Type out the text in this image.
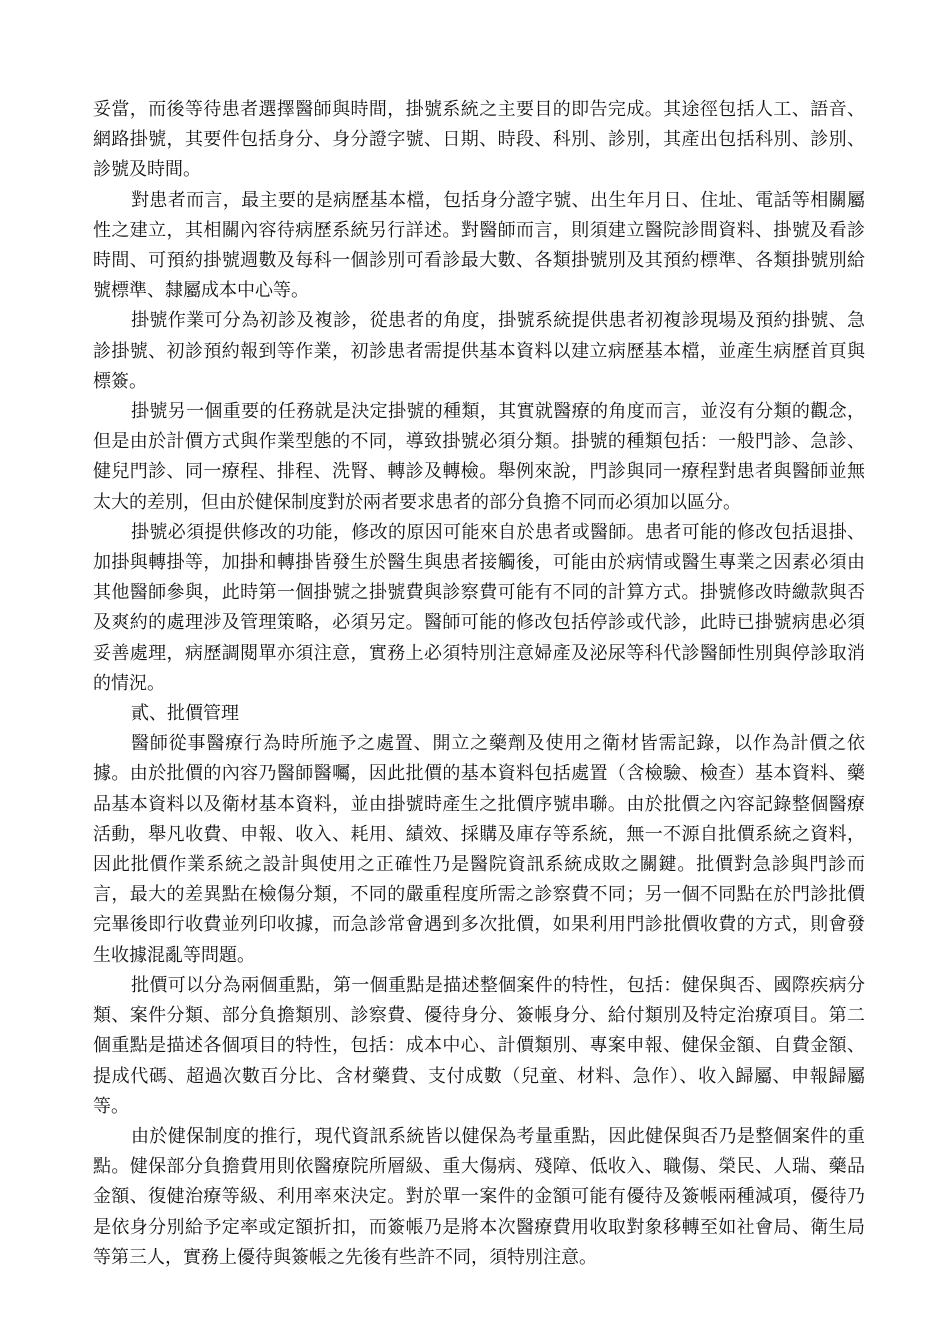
妥當，而後等待患者選擇醫師與時間，掛號系統之主要目的即告完成。其途徑包括人工、語音、網路掛號，其要件包括身分、身分證字號、日期、時段、科別、診別，其產出包括科別、診別、診號及時間。

對患者而言，最主要的是病歷基本檔，包括身分證字號、出生年月日、住址、電話等相關屬性之建立，其相關內容待病歷系統另行詳述。對醫師而言，則須建立醫院診間資料、掛號及看診時間、可預約掛號週數及每科一個診別可看診最大數、各類掛號別及其預約標準、各類掛號別給號標準、隸屬成本中心等。

掛號作業可分為初診及複診，從患者的角度，掛號系統提供患者初複診現場及預約掛號、急診掛號、初診預約報到等作業，初診患者需提供基本資料以建立病歷基本檔，並產生病歷首頁與標簽。

掛號另一個重要的任務就是決定掛號的種類，其實就醫療的角度而言，並沒有分類的觀念，但是由於計價方式與作業型態的不同，導致掛號必須分類。掛號的種類包括：一般門診、急診、健兒門診、同一療程、排程、洗腎、轉診及轉檢。舉例來說，門診與同一療程對患者與醫師並無太大的差別，但由於健保制度對於兩者要求患者的部分負擔不同而必須加以區分。

掛號必須提供修改的功能，修改的原因可能來自於患者或醫師。患者可能的修改包括退掛、加掛與轉掛等，加掛和轉掛皆發生於醫生與患者接觸後，可能由於病情或醫生專業之因素必須由其他醫師參與，此時第一個掛號之掛號費與診察費可能有不同的計算方式。掛號修改時繳款與否及爽約的處理涉及管理策略，必須另定。醫師可能的修改包括停診或代診，此時已掛號病患必須妥善處理，病歷調閱單亦須注意，實務上必須特別注意婦產及泌尿等科代診醫師性別與停診取消的情況。

貳、批價管理

醫師從事醫療行為時所施予之處置、開立之藥劑及使用之衛材皆需記錄，以作為計價之依據。由於批價的內容乃醫師醫囑，因此批價的基本資料包括處置（含檢驗、檢查）基本資料、藥品基本資料以及衛材基本資料，並由掛號時產生之批價序號串聯。由於批價之內容記錄整個醫療活動，舉凡收費、申報、收入、耗用、績效、採購及庫存等系統，無一不源自批價系統之資料，因此批價作業系統之設計與使用之正確性乃是醫院資訊系統成敗之關鍵。批價對急診與門診而言，最大的差異點在檢傷分類，不同的嚴重程度所需之診察費不同；另一個不同點在於門診批價完畢後即行收費並列印收據，而急診常會遇到多次批價，如果利用門診批價收費的方式，則會發生收據混亂等問題。

批價可以分為兩個重點，第一個重點是描述整個案件的特性，包括：健保與否、國際疾病分類、案件分類、部分負擔類別、診察費、優待身分、簽帳身分、給付類別及特定治療項目。第二個重點是描述各個項目的特性，包括：成本中心、計價類別、專案申報、健保金額、自費金額、提成代碼、超過次數百分比、含材藥費、支付成數（兒童、材料、急作）、收入歸屬、申報歸屬等。

由於健保制度的推行，現代資訊系統皆以健保為考量重點，因此健保與否乃是整個案件的重點。健保部分負擔費用則依醫療院所層級、重大傷病、殘障、低收入、職傷、榮民、人瑞、藥品金額、復健治療等級、利用率來決定。對於單一案件的金額可能有優待及簽帳兩種減項，優待乃是依身分別給予定率或定額折扣，而簽帳乃是將本次醫療費用收取對象移轉至如社會局、衛生局等第三人，實務上優待與簽帳之先後有些許不同，須特別注意。
